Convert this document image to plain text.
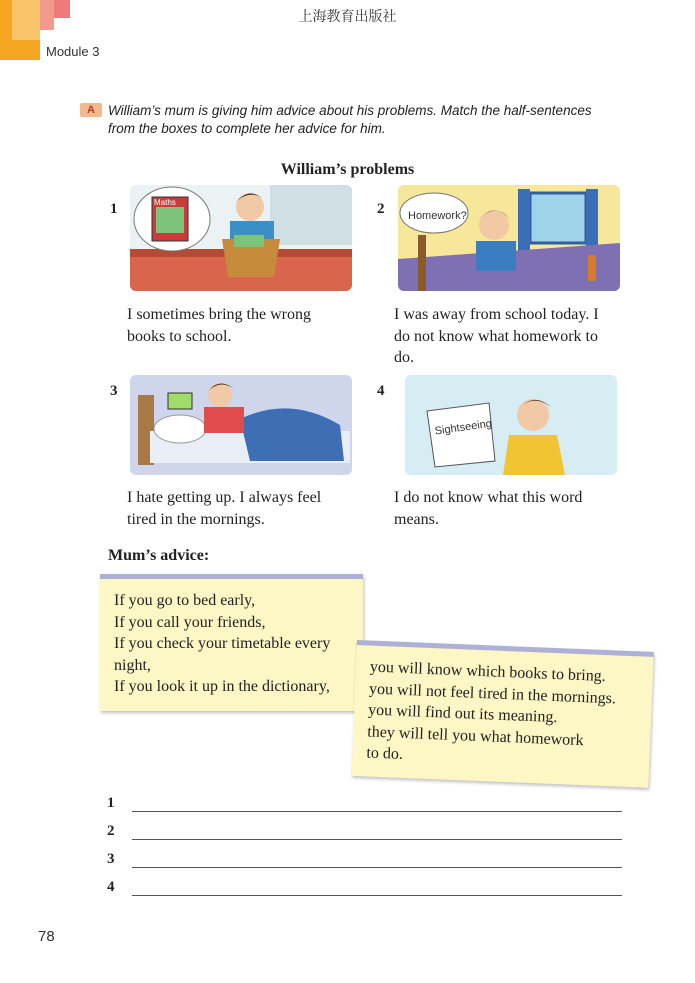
上海教育出版社
Module 3
A William’s mum is giving him advice about his problems. Match the half-sentences
from the boxes to complete her advice for him.
William’s problems
1	Maths
I sometimes bring the wrong
books to school.
2 Homework?
I was away from school today. I
do not know what homework to
do.
3
I hate getting up. I always feel
tired in the mornings.
4
Sightseeing
I do not know what this word
means.
Mum’s advice:

If you go to bed early,

If you call your friends,

If you check your timetable every

night,

If you look it up in the dictionary,

you will know which books to bring.

you will not feel tired in the mornings.

you will find out its meaning.

they will tell you what homework

to do.

1
2
3
4
78
